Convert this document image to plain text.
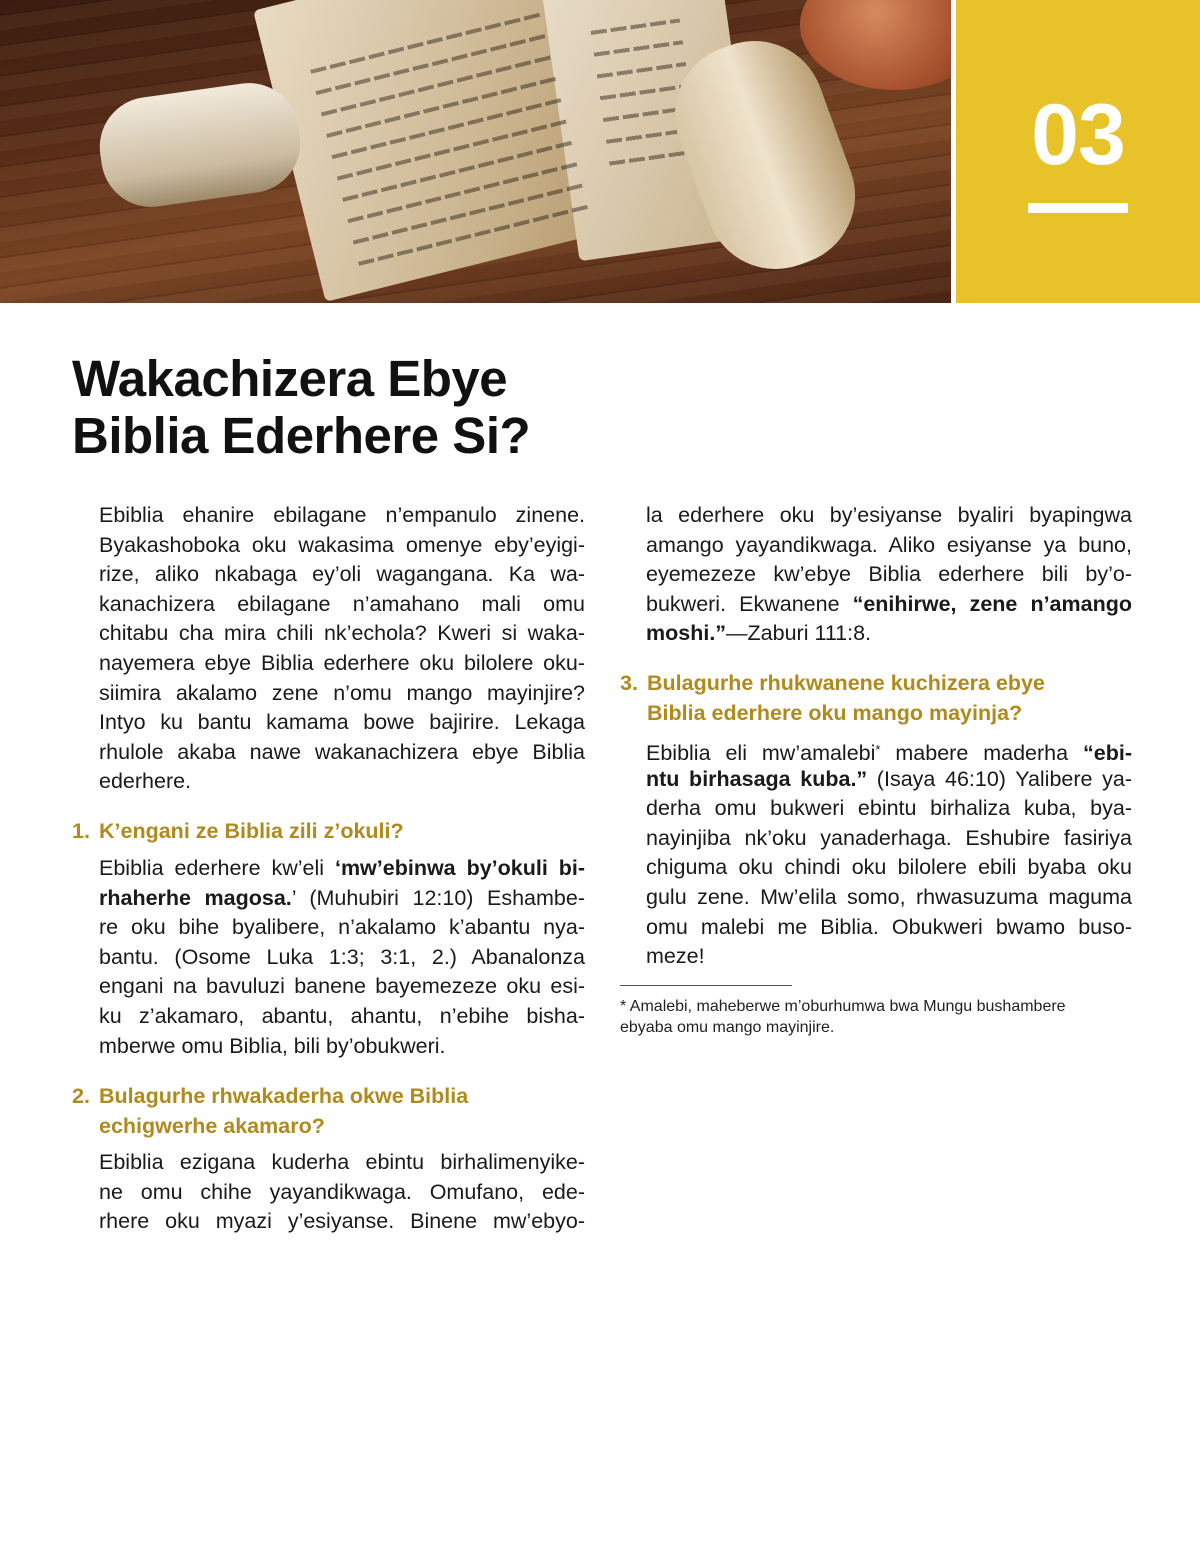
03
Wakachizera Ebye
Biblia Ederhere Si?
Ebiblia ehanire ebilagane n’empanulo zinene.
Byakashoboka oku wakasima omenye eby’eyigi-
rize, aliko nkabaga ey’oli wagangana. Ka wa-
kanachizera ebilagane n’amahano mali omu
chitabu cha mira chili nk’echola? Kweri si waka-
nayemera ebye Biblia ederhere oku bilolere oku-
siimira akalamo zene n’omu mango mayinjire?
Intyo ku bantu kamama bowe bajirire. Lekaga
rhulole akaba nawe wakanachizera ebye Biblia
ederhere.
1. K’engani ze Biblia zili z’okuli?
Ebiblia ederhere kw’eli ‘mw’ebinwa by’okuli bi-
rhaherhe magosa.’ (Muhubiri 12:10) Eshambe-
re oku bihe byalibere, n’akalamo k’abantu nya-
bantu. (Osome Luka 1:3; 3:1, 2.) Abanalonza
engani na bavuluzi banene bayemezeze oku esi-
ku z’akamaro, abantu, ahantu, n’ebihe bisha-
mberwe omu Biblia, bili by’obukweri.
2. Bulagurhe rhwakaderha okwe Biblia
echigwerhe akamaro?
Ebiblia ezigana kuderha ebintu birhalimenyike-
ne omu chihe yayandikwaga. Omufano, ede-
rhere oku myazi y’esiyanse. Binene mw’ebyo-
la ederhere oku by’esiyanse byaliri byapingwa
amango yayandikwaga. Aliko esiyanse ya buno,
eyemezeze kw’ebye Biblia ederhere bili by’o-
bukweri. Ekwanene “enihirwe, zene n’amango
moshi.”—Zaburi 111:8.
3. Bulagurhe rhukwanene kuchizera ebye
Biblia ederhere oku mango mayinja?
Ebiblia eli mw’amalebi* mabere maderha “ebi-
ntu birhasaga kuba.” (Isaya 46:10) Yalibere ya-
derha omu bukweri ebintu birhaliza kuba, bya-
nayinjiba nk’oku yanaderhaga. Eshubire fasiriya
chiguma oku chindi oku bilolere ebili byaba oku
gulu zene. Mw’elila somo, rhwasuzuma maguma
omu malebi me Biblia. Obukweri bwamo buso-
meze!
* Amalebi, maheberwe m’oburhumwa bwa Mungu bushambere
ebyaba omu mango mayinjire.
